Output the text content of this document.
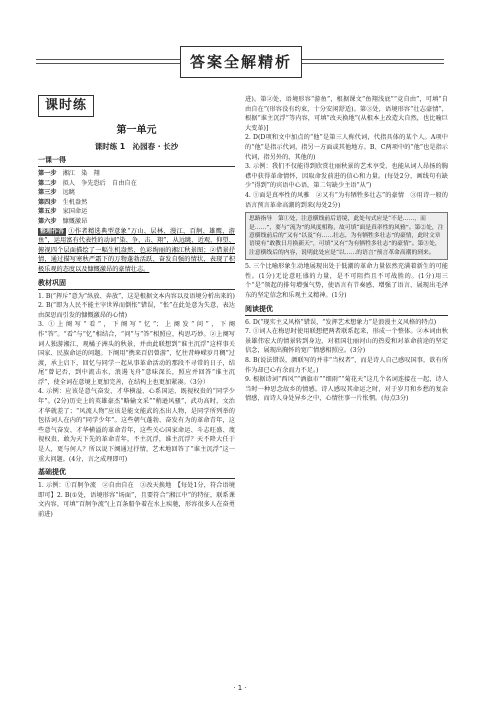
答案全解精析
课时练
第一单元
课时练 1　沁园春 · 长沙
一课一得
第一步 湘江　染　翔
第二步 拟人　争先恐后　自由自在
第三步 远眺
第四步 生机盎然
第五步 家国命运
第六步 慷慨激昂

整理作答 ①作者精选典型意象“万山、层林、漫江、百舸、雄鹰、游鱼”，运用富有代表性的动词“染、争、击、翔”，从远眺、近观、仰望、俯视四个层面描绘了一幅生机盎然、色彩绚丽的湘江秋景图；②借景抒情，通过描写寒秋严霜下的万物蓬勃活跃、奋发自强的情状，表现了积极乐观的态度以及慷慨激昂的豪情壮志。

教材巩固

1. B(“挥斥”意为“纵放、奔放”，这是根据文本内容以及语境分析出来的)

2. B(“即为人民不能主宰世界而倒怅”错误，“怅”在此处意为失意，表达由深思而引发的慷慨激昂的心情)

3. ①上阕写“看”，下阕写“忆”；上阕发“问”，下阕作“答”。“看”与“忆”相结合，“问”与“答”相照应，构思巧妙。②上阕写词人独游湘江，观橘子洲头的秋景，并由此联想到“谁主沉浮”这样事关国家、民族命运的问题。下阕用“携来百侣曾游”，忆往昔峥嵘岁月稠”过渡，承上启下，回忆与同学一起从事革命活动的那段不寻常的日子，结尾“曾记否，到中流击水，浪遏飞舟”意味深长，照应并回答“谁主沉浮”，使全词在意境上更加完善，在结构上也更加紧凑。（3分）

4. 示例：应该是意气奋发、才华横溢、心系国运、既视权贵的“同学少年”。(2分)历史上的英雄豪杰“略输文采”“稍逊风骚”，武功高时，文治才华就差了；“风流人物”应该是能文能武的杰出人物，是同学所列举的包括词人在内的“同学少年”。这些朝气蓬勃、奋发有为的革命青年，这些意气奋发、才华横溢的革命青年，这些关心国家命运、斗志旺盛、蔑视权贵、敢为天下先的革命青年，不主沉浮，谁主沉浮？天不降大任于是人，更与何人？所以说下阕通过抒情，艺术地回答了“谁主沉浮”这一重大问题。(4分，言之成理即可)

基础提优

1. 示例：①百舸争流　②自由自在　③改天换地　【每处1分，符合语境即可】2. B(①处，语境形容“场面”，且要符合“湘江中”的特征，联系课文内容，可填“百舸争流”(上百条船争着在水上疾驰，形容很多人在奋勇前进)

进)。第②处，语境形容“游鱼”，根据课文“鱼翔浅底”“竞自由”，可填“自由自在”(形容没有约束，十分安闲舒适)。第③处，语境形容“壮志豪情”，根据“谁主沉浮”等内容，可填“改天换地”(从根本上改造大自然，也比喻巨大变革)]

2. D(D项和文中加点的“他”是第三人称代词，代指具体的某个人。A项中的“他”是指示代词，指另一方面或其他地方。B、C两项中的“他”也是指示代词，指另外的、其他的)

3. 示例：我们不仅能得到欣赏壮丽秋景的艺术享受，也能从词人昂扬的胸襟中获得革命情怀，因取命发前进的信心和力量。(每处2分，画线句有缺少“得到”的宾语中心语，第二句缺少主语“从”)

4. ①面是真率性的风雅　②又有“为有牺牲多壮志”的豪情　③用诗一般的语言预言革命高潮的到来(每处2分)

思路指导　第①处，注意横线前后语境，此处句式应是“不是……，而是……”，要与“流为”的风度相称，故可填“面是真率性的风雅”。第②处，注意横线前后的“又有”以及“有……壮志，为有牺牲多壮志”的豪情，此时文章语境有“敢教日月换新天”，可填“又有“为有牺牲多壮志”的豪情”。第③处，注意横线后的内容，说明此处应是“以……的语言”预言革命高潮的到来。

5. 三个比喻形象生动地展现出处于低潮的革命力量依然充满着新生的可能性。(1分)无论意旺盛的力量，是不可阻挡且不可战胜的。(1分)用三个“是”领起的排句增强气势，使语言有节奏感，增强了语言，展现出毛泽东的坚定信念和乐观主义精神。(1分)

阅读提优

6. D(“现实主义风格”错误，“发挥艺术想象力”是浪漫主义风格的特点)

7. ①词人在梅思时使用联想把两者联系起来，形成一个整体。②本词由秋景雄伟宏大的情景转到身边，对祖国壮丽河山的热爱和对革命前途的坚定信念，展现出胸怀的宽广情感相照应。(3分)

8. B(说法错误，颜联写的并非“当权者”，而是诗人自己感叹国事，欲有所作为却已心有余而力不足。)

9. 根据诗词“西风”“酒旗市”“细雨”“菊花天”这几个名词连接在一起，诗人当时一种思念故乡的情感。诗人感叹其命运之时，对于岁月和乡愁的复杂情感，而诗人身处异乡之中，心情往事一片怅惘。(每点3分)

· 1 ·
